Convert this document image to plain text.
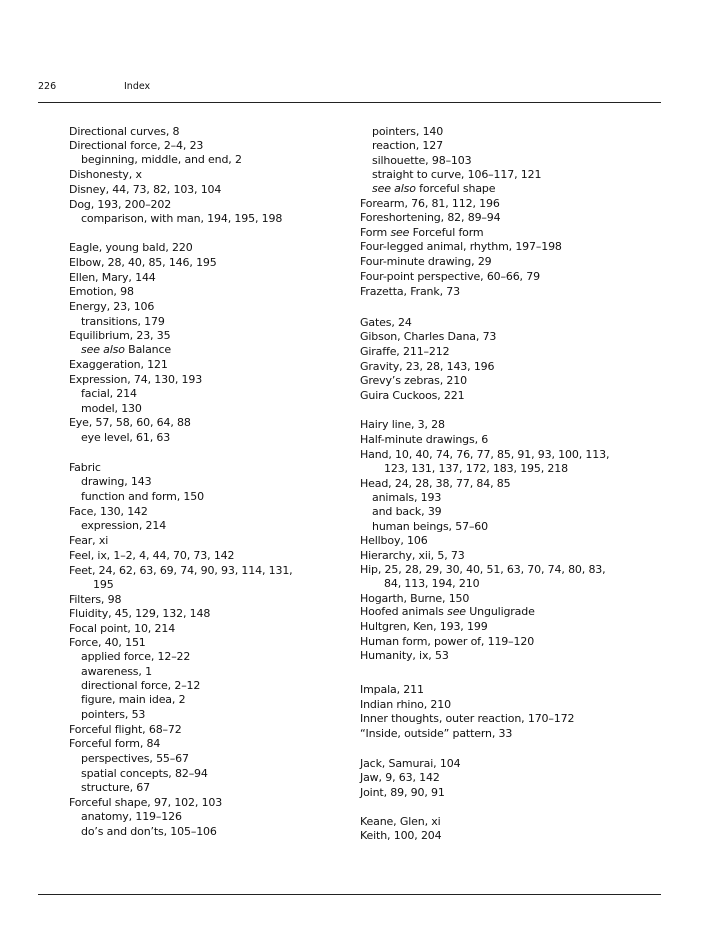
226	Index
Directional curves, 8
Directional force, 2–4, 23
beginning, middle, and end, 2
Dishonesty, x
Disney, 44, 73, 82, 103, 104
Dog, 193, 200–202
comparison, with man, 194, 195, 198
Eagle, young bald, 220
Elbow, 28, 40, 85, 146, 195
Ellen, Mary, 144
Emotion, 98
Energy, 23, 106
transitions, 179
Equilibrium, 23, 35
see also Balance
Exaggeration, 121
Expression, 74, 130, 193
facial, 214
model, 130
Eye, 57, 58, 60, 64, 88
eye level, 61, 63
Fabric
drawing, 143
function and form, 150
Face, 130, 142
expression, 214
Fear, xi
Feel, ix, 1–2, 4, 44, 70, 73, 142
Feet, 24, 62, 63, 69, 74, 90, 93, 114, 131,
195
Filters, 98
Fluidity, 45, 129, 132, 148
Focal point, 10, 214
Force, 40, 151
applied force, 12–22
awareness, 1
directional force, 2–12
figure, main idea, 2
pointers, 53
Forceful flight, 68–72
Forceful form, 84
perspectives, 55–67
spatial concepts, 82–94
structure, 67
Forceful shape, 97, 102, 103
anatomy, 119–126
do’s and don’ts, 105–106
pointers, 140
reaction, 127
silhouette, 98–103
straight to curve, 106–117, 121
see also forceful shape
Forearm, 76, 81, 112, 196
Foreshortening, 82, 89–94
Form see Forceful form
Four-legged animal, rhythm, 197–198
Four-minute drawing, 29
Four-point perspective, 60–66, 79
Frazetta, Frank, 73
Gates, 24
Gibson, Charles Dana, 73
Giraffe, 211–212
Gravity, 23, 28, 143, 196
Grevy’s zebras, 210
Guira Cuckoos, 221
Hairy line, 3, 28
Half-minute drawings, 6
Hand, 10, 40, 74, 76, 77, 85, 91, 93, 100, 113,
123, 131, 137, 172, 183, 195, 218
Head, 24, 28, 38, 77, 84, 85
animals, 193
and back, 39
human beings, 57–60
Hellboy, 106
Hierarchy, xii, 5, 73
Hip, 25, 28, 29, 30, 40, 51, 63, 70, 74, 80, 83,
84, 113, 194, 210
Hogarth, Burne, 150
Hoofed animals see Unguligrade
Hultgren, Ken, 193, 199
Human form, power of, 119–120
Humanity, ix, 53
Impala, 211
Indian rhino, 210
Inner thoughts, outer reaction, 170–172
“Inside, outside” pattern, 33
Jack, Samurai, 104
Jaw, 9, 63, 142
Joint, 89, 90, 91
Keane, Glen, xi
Keith, 100, 204
